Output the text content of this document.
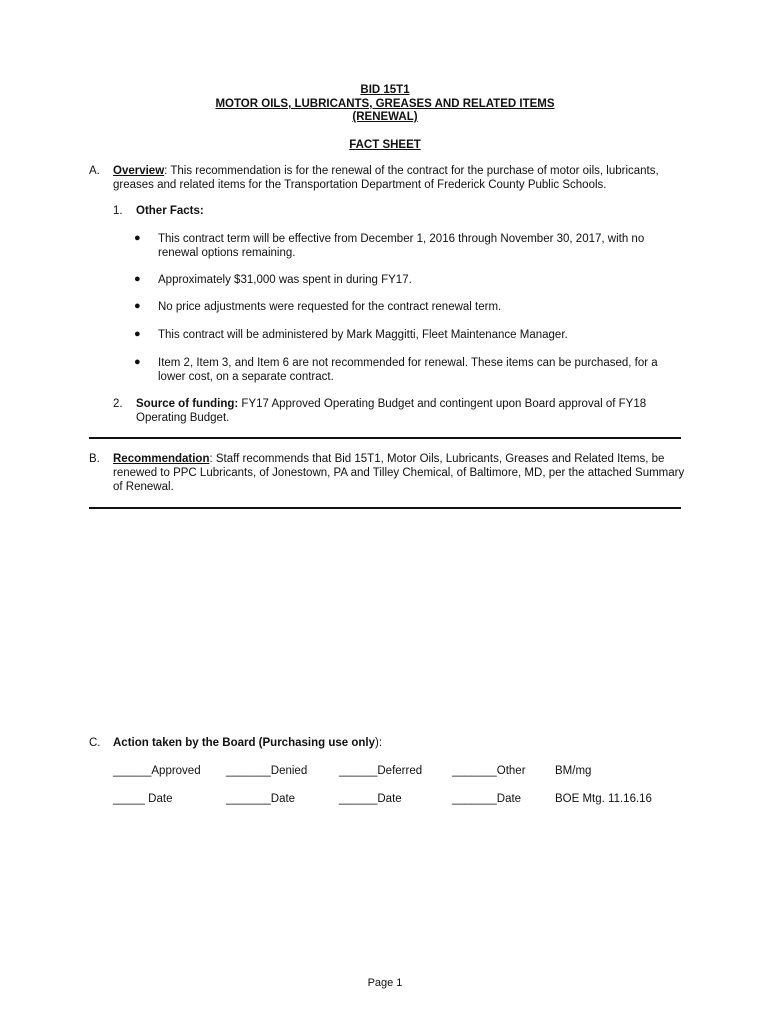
BID 15T1
MOTOR OILS, LUBRICANTS, GREASES AND RELATED ITEMS
(RENEWAL)
FACT SHEET
A. Overview: This recommendation is for the renewal of the contract for the purchase of motor oils, lubricants,
greases and related items for the Transportation Department of Frederick County Public Schools.
1. Other Facts:
● This contract term will be effective from December 1, 2016 through November 30, 2017, with no
renewal options remaining.
● Approximately $31,000 was spent in during FY17.
● No price adjustments were requested for the contract renewal term.
● This contract will be administered by Mark Maggitti, Fleet Maintenance Manager.
● Item 2, Item 3, and Item 6 are not recommended for renewal. These items can be purchased, for a
lower cost, on a separate contract.
2. Source of funding: FY17 Approved Operating Budget and contingent upon Board approval of FY18
Operating Budget.
B. Recommendation: Staff recommends that Bid 15T1, Motor Oils, Lubricants, Greases and Related Items, be
renewed to PPC Lubricants, of Jonestown, PA and Tilley Chemical, of Baltimore, MD, per the attached Summary
of Renewal.
C. Action taken by the Board (Purchasing use only):
______Approved _______Denied	______Deferred	_______Other	BM/mg
_____ Date	_______Date	______Date	_______Date	BOE Mtg. 11.16.16
Page 1
